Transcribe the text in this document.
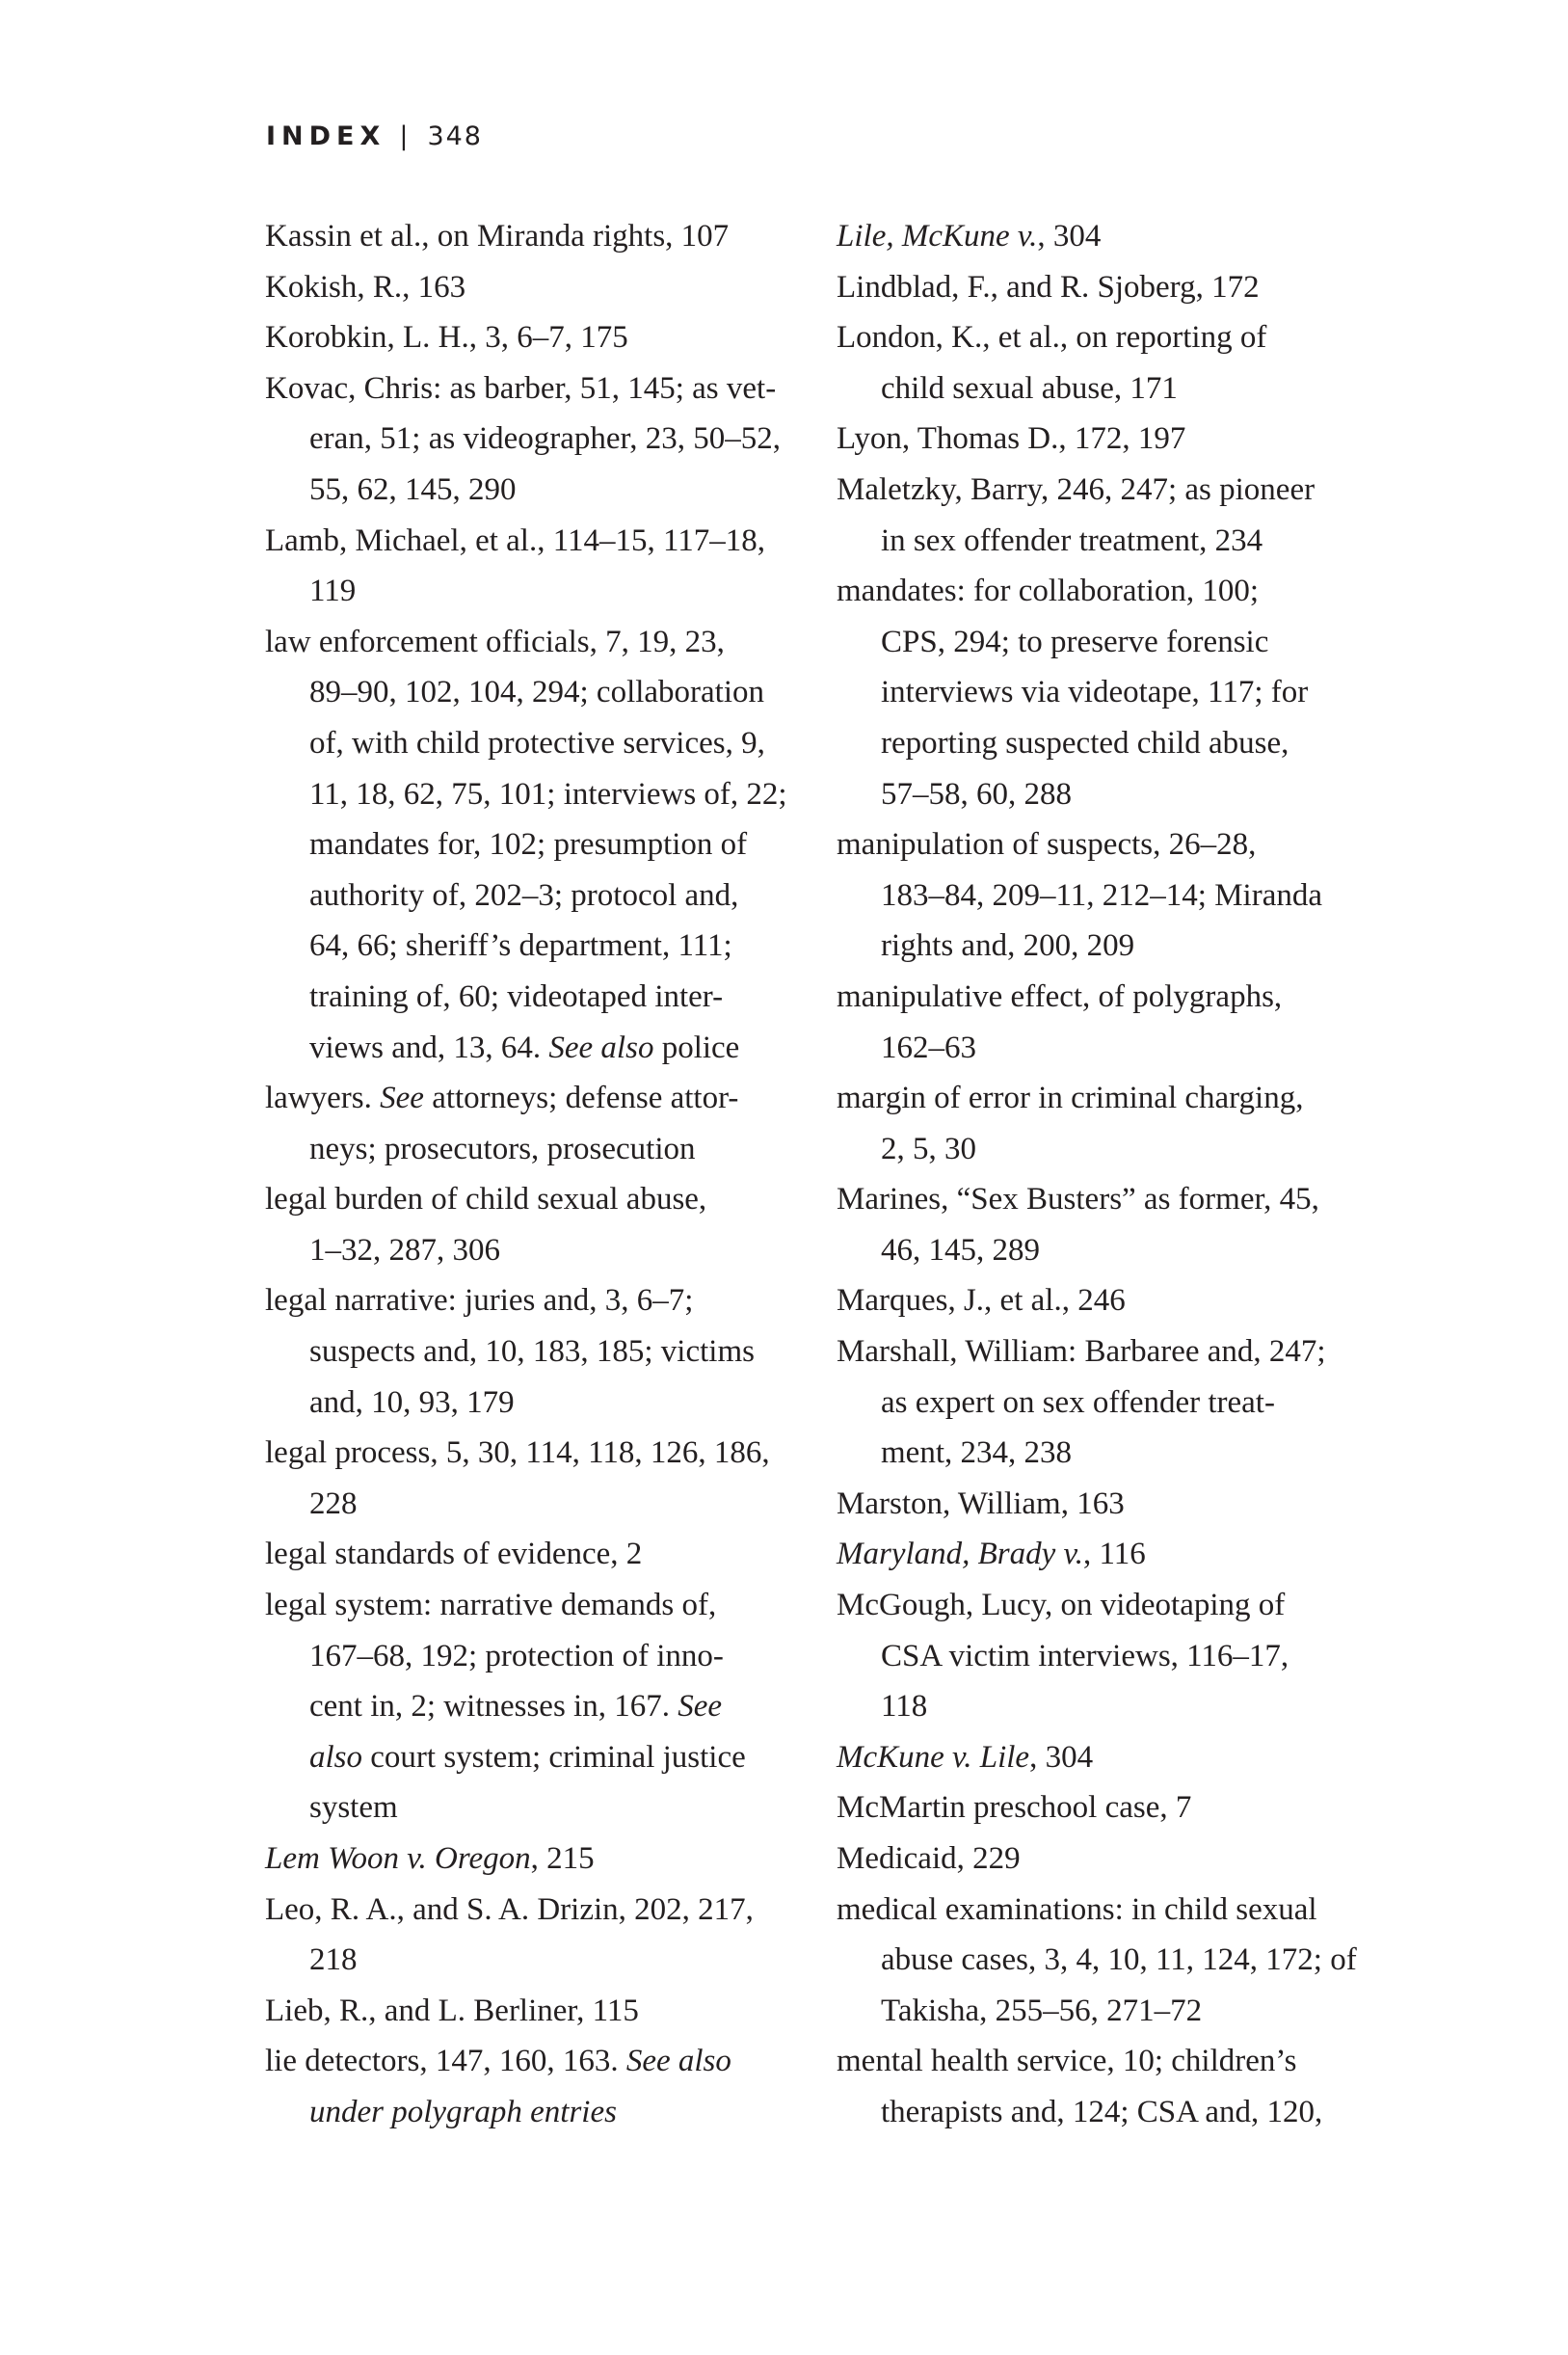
INDEX | 348
Kassin et al., on Miranda rights, 107
Kokish, R., 163
Korobkin, L. H., 3, 6–7, 175
Kovac, Chris: as barber, 51, 145; as vet-
eran, 51; as videographer, 23, 50–52,
55, 62, 145, 290
Lamb, Michael, et al., 114–15, 117–18,
119
law enforcement officials, 7, 19, 23,
89–90, 102, 104, 294; collaboration
of, with child protective services, 9,
11, 18, 62, 75, 101; interviews of, 22;
mandates for, 102; presumption of
authority of, 202–3; protocol and,
64, 66; sheriff’s department, 111;
training of, 60; videotaped inter-
views and, 13, 64. See also police
lawyers. See attorneys; defense attor-
neys; prosecutors, prosecution
legal burden of child sexual abuse,
1–32, 287, 306
legal narrative: juries and, 3, 6–7;
suspects and, 10, 183, 185; victims
and, 10, 93, 179
legal process, 5, 30, 114, 118, 126, 186,
228
legal standards of evidence, 2
legal system: narrative demands of,
167–68, 192; protection of inno-
cent in, 2; witnesses in, 167. See
also court system; criminal justice
system
Lem Woon v. Oregon, 215
Leo, R. A., and S. A. Drizin, 202, 217,
218
Lieb, R., and L. Berliner, 115
lie detectors, 147, 160, 163. See also
under polygraph entries
Lile, McKune v., 304
Lindblad, F., and R. Sjoberg, 172
London, K., et al., on reporting of
child sexual abuse, 171
Lyon, Thomas D., 172, 197
Maletzky, Barry, 246, 247; as pioneer
in sex offender treatment, 234
mandates: for collaboration, 100;
CPS, 294; to preserve forensic
interviews via videotape, 117; for
reporting suspected child abuse,
57–58, 60, 288
manipulation of suspects, 26–28,
183–84, 209–11, 212–14; Miranda
rights and, 200, 209
manipulative effect, of polygraphs,
162–63
margin of error in criminal charging,
2, 5, 30
Marines, “Sex Busters” as former, 45,
46, 145, 289
Marques, J., et al., 246
Marshall, William: Barbaree and, 247;
as expert on sex offender treat-
ment, 234, 238
Marston, William, 163
Maryland, Brady v., 116
McGough, Lucy, on videotaping of
CSA victim interviews, 116–17,
118
McKune v. Lile, 304
McMartin preschool case, 7
Medicaid, 229
medical examinations: in child sexual
abuse cases, 3, 4, 10, 11, 124, 172; of
Takisha, 255–56, 271–72
mental health service, 10; children’s
therapists and, 124; CSA and, 120,
